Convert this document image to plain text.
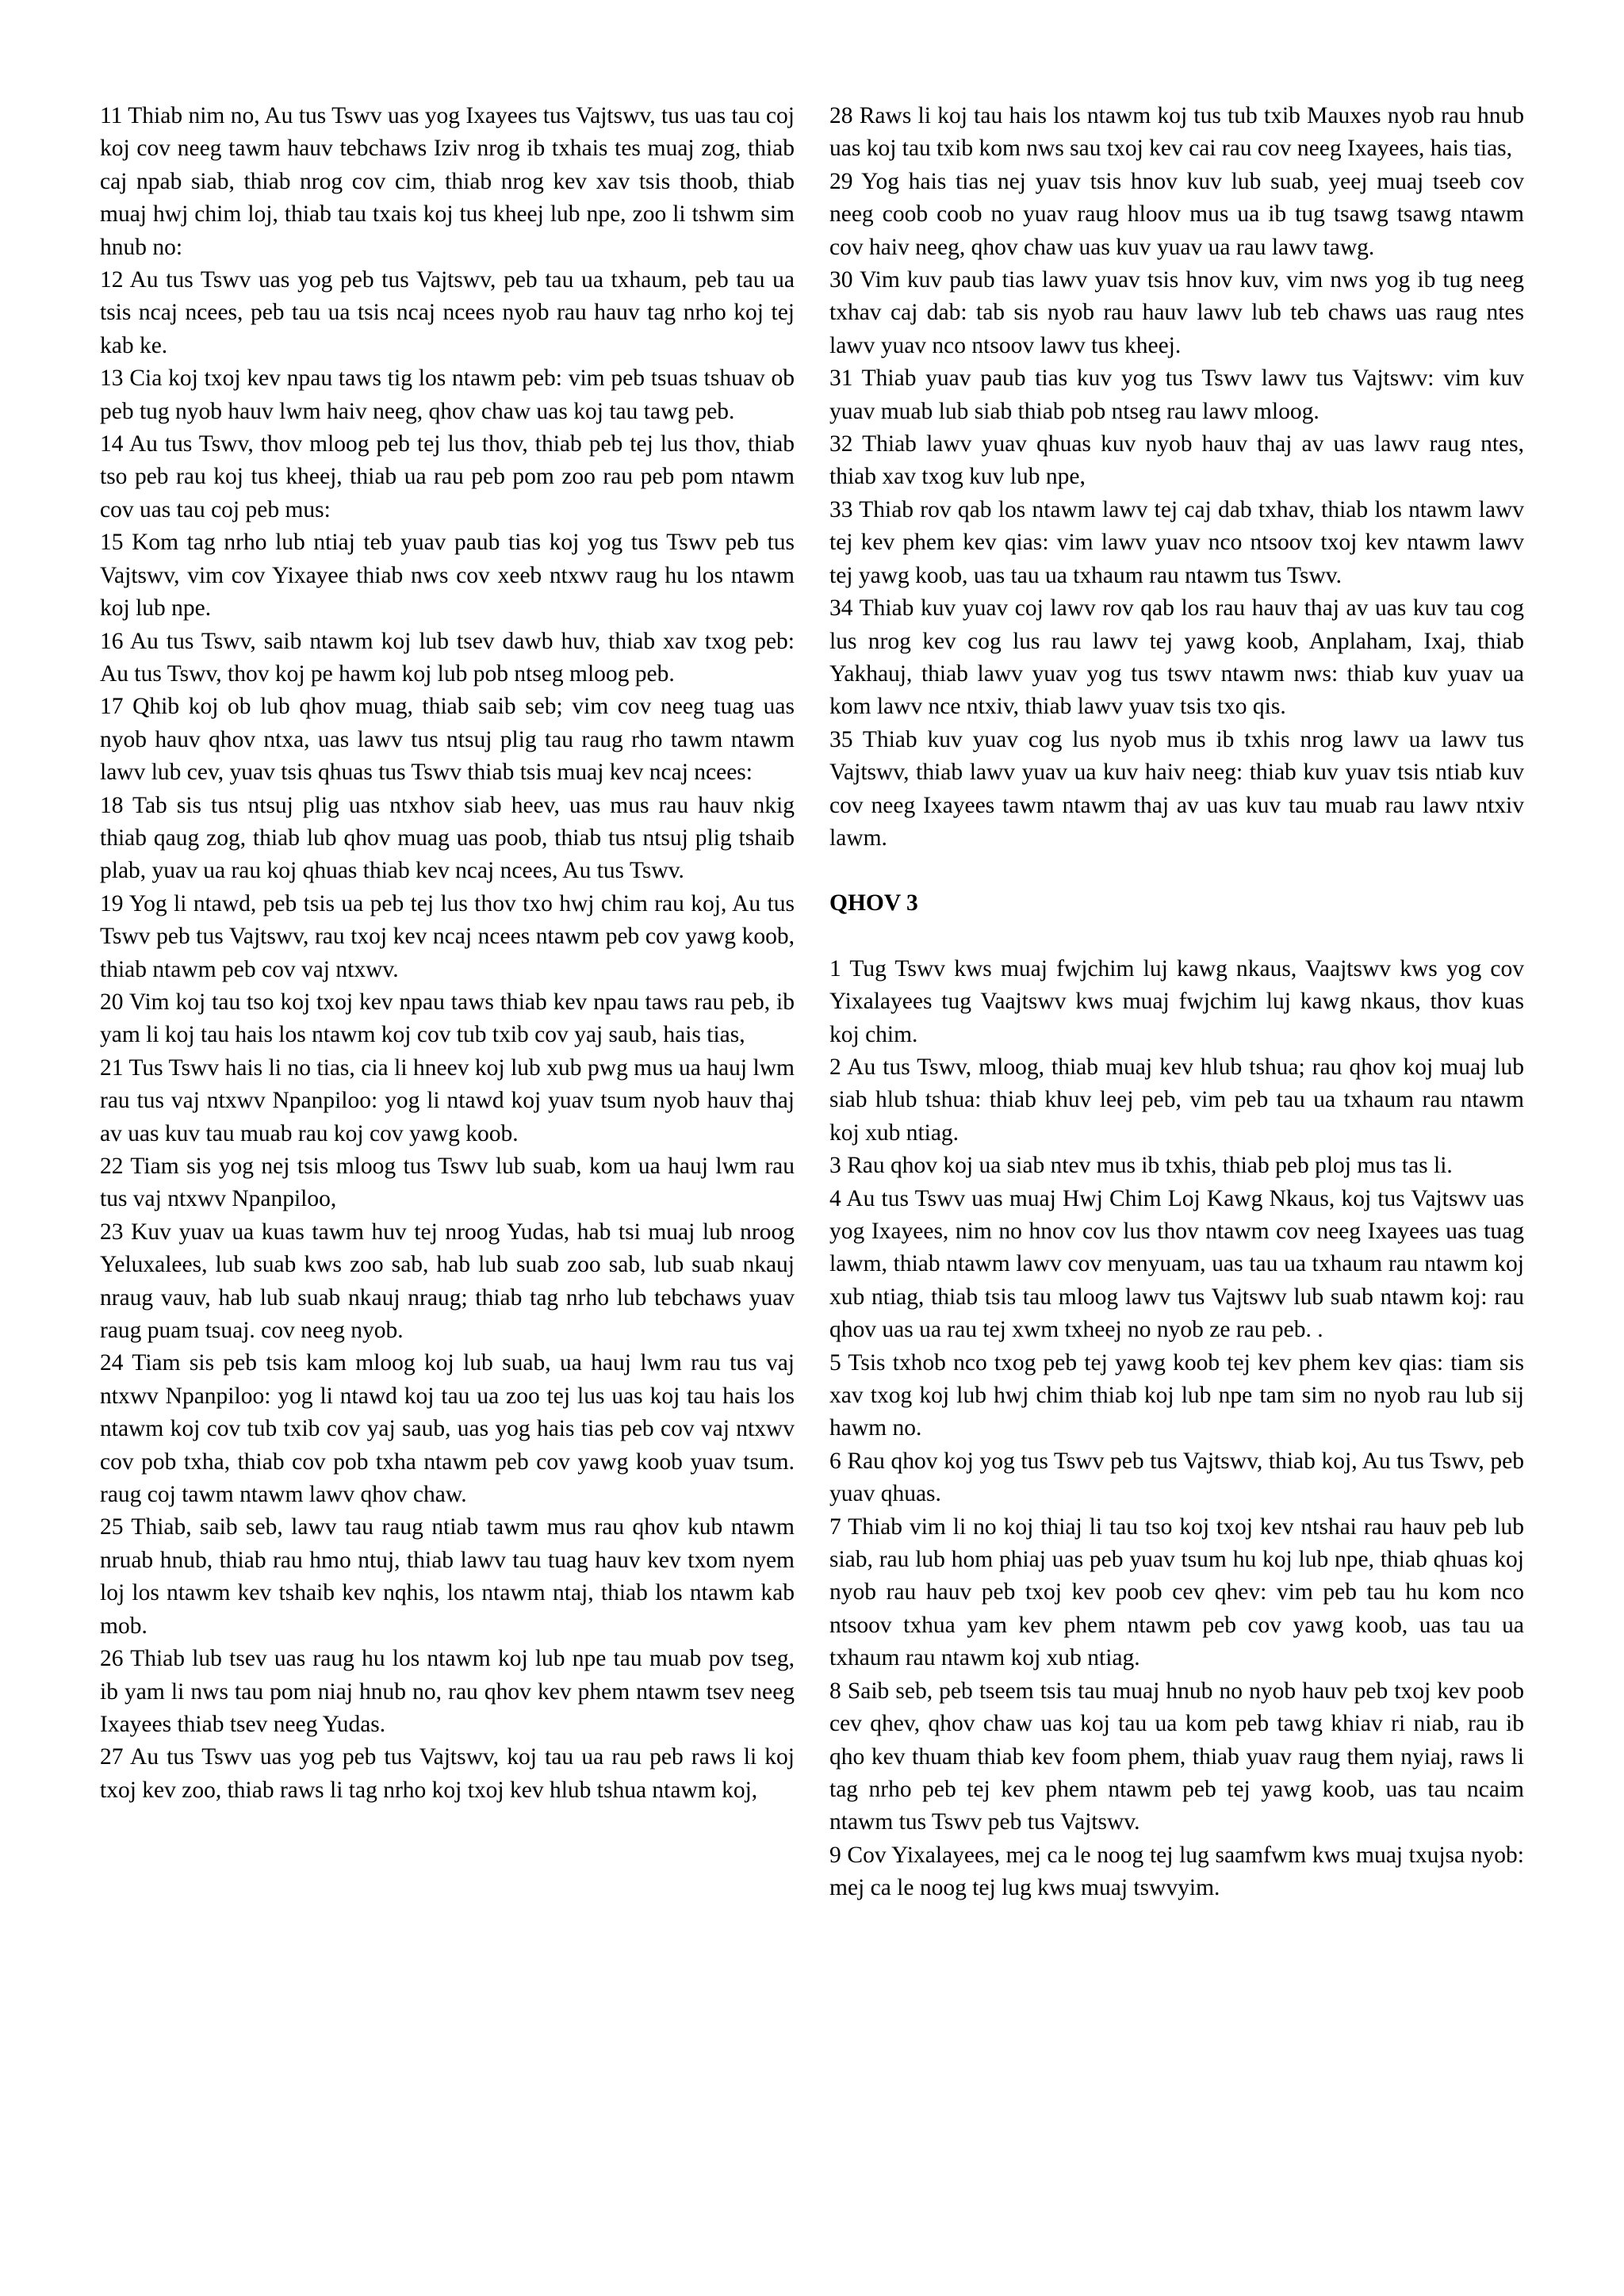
11 Thiab nim no, Au tus Tswv uas yog Ixayees tus Vajtswv, tus uas tau coj koj cov neeg tawm hauv tebchaws Iziv nrog ib txhais tes muaj zog, thiab caj npab siab, thiab nrog cov cim, thiab nrog kev xav tsis thoob, thiab muaj hwj chim loj, thiab tau txais koj tus kheej lub npe, zoo li tshwm sim hnub no:

12 Au tus Tswv uas yog peb tus Vajtswv, peb tau ua txhaum, peb tau ua tsis ncaj ncees, peb tau ua tsis ncaj ncees nyob rau hauv tag nrho koj tej kab ke.

13 Cia koj txoj kev npau taws tig los ntawm peb: vim peb tsuas tshuav ob peb tug nyob hauv lwm haiv neeg, qhov chaw uas koj tau tawg peb.

14 Au tus Tswv, thov mloog peb tej lus thov, thiab peb tej lus thov, thiab tso peb rau koj tus kheej, thiab ua rau peb pom zoo rau peb pom ntawm cov uas tau coj peb mus:

15 Kom tag nrho lub ntiaj teb yuav paub tias koj yog tus Tswv peb tus Vajtswv, vim cov Yixayee thiab nws cov xeeb ntxwv raug hu los ntawm koj lub npe.

16 Au tus Tswv, saib ntawm koj lub tsev dawb huv, thiab xav txog peb: Au tus Tswv, thov koj pe hawm koj lub pob ntseg mloog peb.

17 Qhib koj ob lub qhov muag, thiab saib seb; vim cov neeg tuag uas nyob hauv qhov ntxa, uas lawv tus ntsuj plig tau raug rho tawm ntawm lawv lub cev, yuav tsis qhuas tus Tswv thiab tsis muaj kev ncaj ncees:

18 Tab sis tus ntsuj plig uas ntxhov siab heev, uas mus rau hauv nkig thiab qaug zog, thiab lub qhov muag uas poob, thiab tus ntsuj plig tshaib plab, yuav ua rau koj qhuas thiab kev ncaj ncees, Au tus Tswv.

19 Yog li ntawd, peb tsis ua peb tej lus thov txo hwj chim rau koj, Au tus Tswv peb tus Vajtswv, rau txoj kev ncaj ncees ntawm peb cov yawg koob, thiab ntawm peb cov vaj ntxwv.

20 Vim koj tau tso koj txoj kev npau taws thiab kev npau taws rau peb, ib yam li koj tau hais los ntawm koj cov tub txib cov yaj saub, hais tias,

21 Tus Tswv hais li no tias, cia li hneev koj lub xub pwg mus ua hauj lwm rau tus vaj ntxwv Npanpiloo: yog li ntawd koj yuav tsum nyob hauv thaj av uas kuv tau muab rau koj cov yawg koob.

22 Tiam sis yog nej tsis mloog tus Tswv lub suab, kom ua hauj lwm rau tus vaj ntxwv Npanpiloo,

23 Kuv yuav ua kuas tawm huv tej nroog Yudas, hab tsi muaj lub nroog Yeluxalees, lub suab kws zoo sab, hab lub suab zoo sab, lub suab nkauj nraug vauv, hab lub suab nkauj nraug; thiab tag nrho lub tebchaws yuav raug puam tsuaj. cov neeg nyob.

24 Tiam sis peb tsis kam mloog koj lub suab, ua hauj lwm rau tus vaj ntxwv Npanpiloo: yog li ntawd koj tau ua zoo tej lus uas koj tau hais los ntawm koj cov tub txib cov yaj saub, uas yog hais tias peb cov vaj ntxwv cov pob txha, thiab cov pob txha ntawm peb cov yawg koob yuav tsum. raug coj tawm ntawm lawv qhov chaw.

25 Thiab, saib seb, lawv tau raug ntiab tawm mus rau qhov kub ntawm nruab hnub, thiab rau hmo ntuj, thiab lawv tau tuag hauv kev txom nyem loj los ntawm kev tshaib kev nqhis, los ntawm ntaj, thiab los ntawm kab mob.

26 Thiab lub tsev uas raug hu los ntawm koj lub npe tau muab pov tseg, ib yam li nws tau pom niaj hnub no, rau qhov kev phem ntawm tsev neeg Ixayees thiab tsev neeg Yudas.

27 Au tus Tswv uas yog peb tus Vajtswv, koj tau ua rau peb raws li koj txoj kev zoo, thiab raws li tag nrho koj txoj kev hlub tshua ntawm koj,

28 Raws li koj tau hais los ntawm koj tus tub txib Mauxes nyob rau hnub uas koj tau txib kom nws sau txoj kev cai rau cov neeg Ixayees, hais tias,

29 Yog hais tias nej yuav tsis hnov kuv lub suab, yeej muaj tseeb cov neeg coob coob no yuav raug hloov mus ua ib tug tsawg tsawg ntawm cov haiv neeg, qhov chaw uas kuv yuav ua rau lawv tawg.

30 Vim kuv paub tias lawv yuav tsis hnov kuv, vim nws yog ib tug neeg txhav caj dab: tab sis nyob rau hauv lawv lub teb chaws uas raug ntes lawv yuav nco ntsoov lawv tus kheej.

31 Thiab yuav paub tias kuv yog tus Tswv lawv tus Vajtswv: vim kuv yuav muab lub siab thiab pob ntseg rau lawv mloog.

32 Thiab lawv yuav qhuas kuv nyob hauv thaj av uas lawv raug ntes, thiab xav txog kuv lub npe,

33 Thiab rov qab los ntawm lawv tej caj dab txhav, thiab los ntawm lawv tej kev phem kev qias: vim lawv yuav nco ntsoov txoj kev ntawm lawv tej yawg koob, uas tau ua txhaum rau ntawm tus Tswv.

34 Thiab kuv yuav coj lawv rov qab los rau hauv thaj av uas kuv tau cog lus nrog kev cog lus rau lawv tej yawg koob, Anplaham, Ixaj, thiab Yakhauj, thiab lawv yuav yog tus tswv ntawm nws: thiab kuv yuav ua kom lawv nce ntxiv, thiab lawv yuav tsis txo qis.

35 Thiab kuv yuav cog lus nyob mus ib txhis nrog lawv ua lawv tus Vajtswv, thiab lawv yuav ua kuv haiv neeg: thiab kuv yuav tsis ntiab kuv cov neeg Ixayees tawm ntawm thaj av uas kuv tau muab rau lawv ntxiv lawm.

QHOV 3

1 Tug Tswv kws muaj fwjchim luj kawg nkaus, Vaajtswv kws yog cov Yixalayees tug Vaajtswv kws muaj fwjchim luj kawg nkaus, thov kuas koj chim.

2 Au tus Tswv, mloog, thiab muaj kev hlub tshua; rau qhov koj muaj lub siab hlub tshua: thiab khuv leej peb, vim peb tau ua txhaum rau ntawm koj xub ntiag.

3 Rau qhov koj ua siab ntev mus ib txhis, thiab peb ploj mus tas li.

4 Au tus Tswv uas muaj Hwj Chim Loj Kawg Nkaus, koj tus Vajtswv uas yog Ixayees, nim no hnov cov lus thov ntawm cov neeg Ixayees uas tuag lawm, thiab ntawm lawv cov menyuam, uas tau ua txhaum rau ntawm koj xub ntiag, thiab tsis tau mloog lawv tus Vajtswv lub suab ntawm koj: rau qhov uas ua rau tej xwm txheej no nyob ze rau peb. .

5 Tsis txhob nco txog peb tej yawg koob tej kev phem kev qias: tiam sis xav txog koj lub hwj chim thiab koj lub npe tam sim no nyob rau lub sij hawm no.

6 Rau qhov koj yog tus Tswv peb tus Vajtswv, thiab koj, Au tus Tswv, peb yuav qhuas.

7 Thiab vim li no koj thiaj li tau tso koj txoj kev ntshai rau hauv peb lub siab, rau lub hom phiaj uas peb yuav tsum hu koj lub npe, thiab qhuas koj nyob rau hauv peb txoj kev poob cev qhev: vim peb tau hu kom nco ntsoov txhua yam kev phem ntawm peb cov yawg koob, uas tau ua txhaum rau ntawm koj xub ntiag.

8 Saib seb, peb tseem tsis tau muaj hnub no nyob hauv peb txoj kev poob cev qhev, qhov chaw uas koj tau ua kom peb tawg khiav ri niab, rau ib qho kev thuam thiab kev foom phem, thiab yuav raug them nyiaj, raws li tag nrho peb tej kev phem ntawm peb tej yawg koob, uas tau ncaim ntawm tus Tswv peb tus Vajtswv.

9 Cov Yixalayees, mej ca le noog tej lug saamfwm kws muaj txujsa nyob: mej ca le noog tej lug kws muaj tswvyim.
